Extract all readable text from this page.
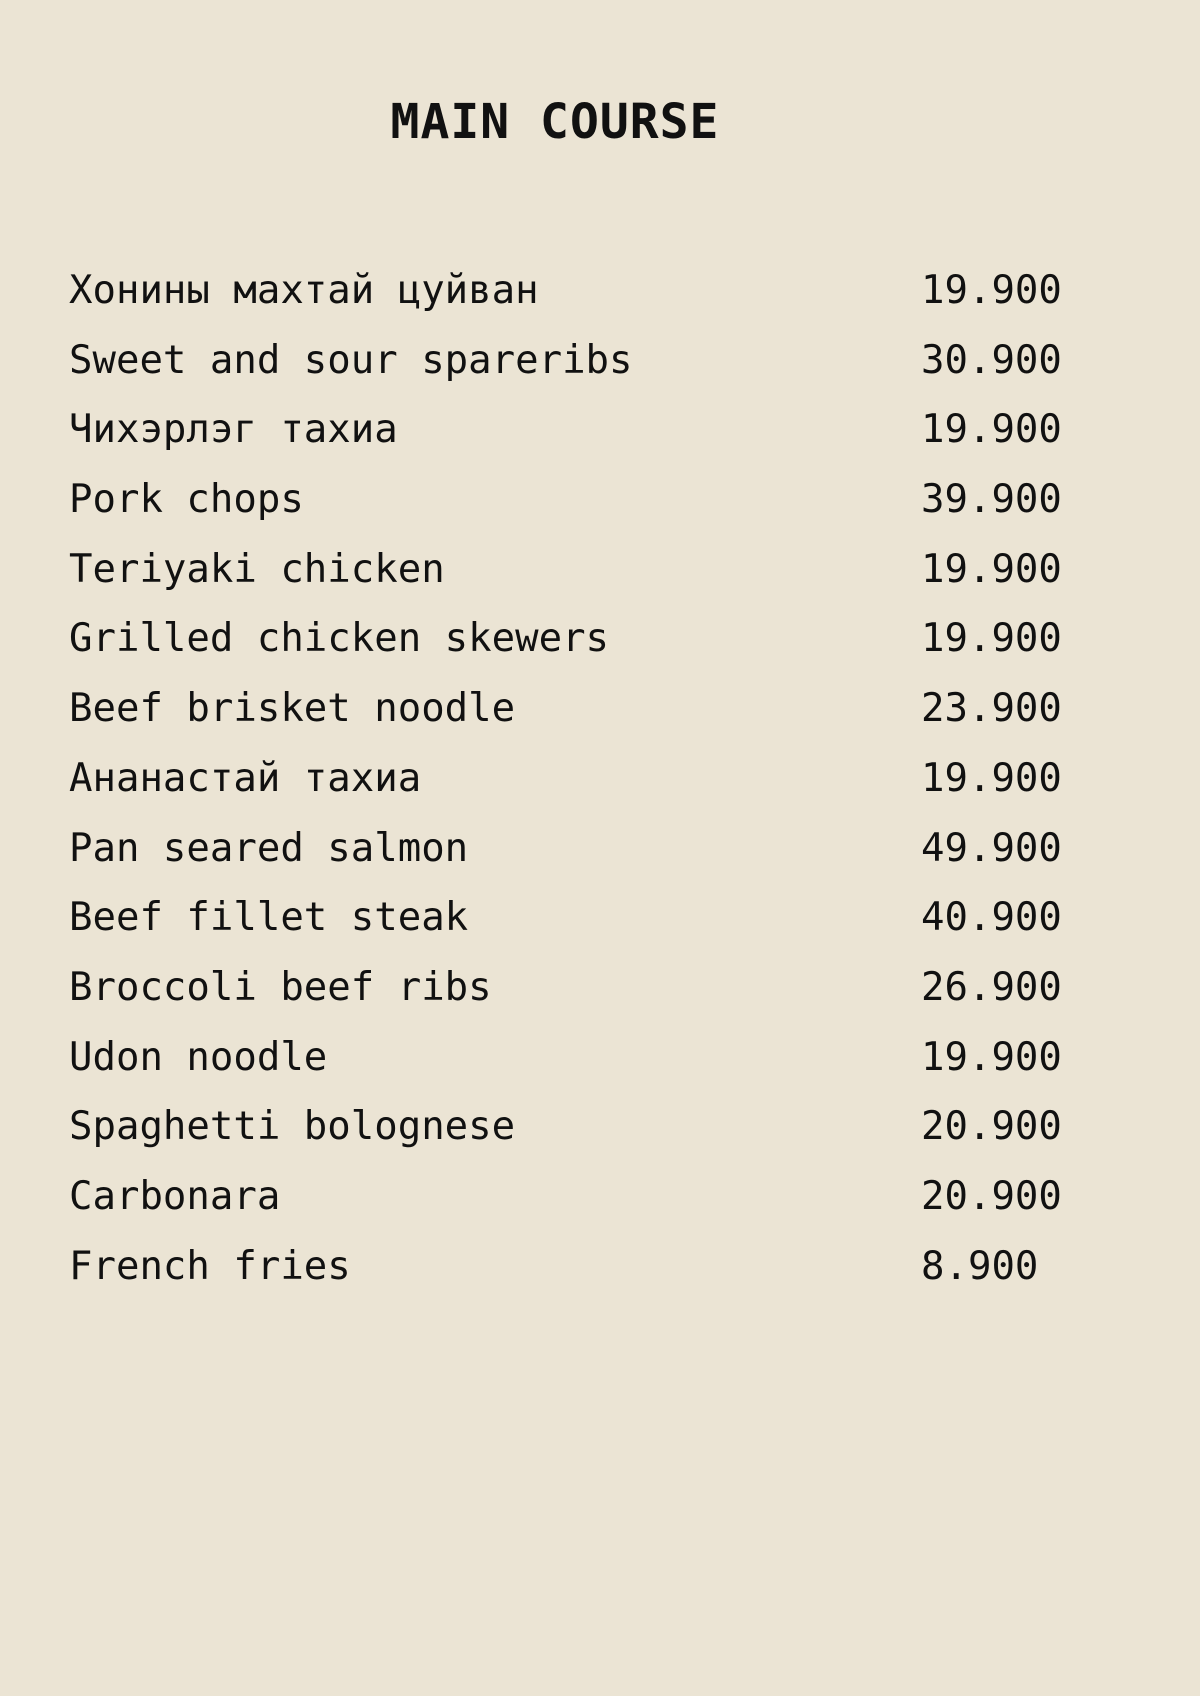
MAIN COURSE
Хонины махтай цуйван	19.900
Sweet and sour spareribs	30.900
Чихэрлэг тахиа	19.900
Pork chops	39.900
Teriyaki chicken	19.900
Grilled chicken skewers	19.900
Beef brisket noodle	23.900
Ананастай тахиа	19.900
Pan seared salmon	49.900
Beef fillet steak	40.900
Broccoli beef ribs	26.900
Udon noodle	19.900
Spaghetti bolognese	20.900
Carbonara	20.900
French fries	8.900
